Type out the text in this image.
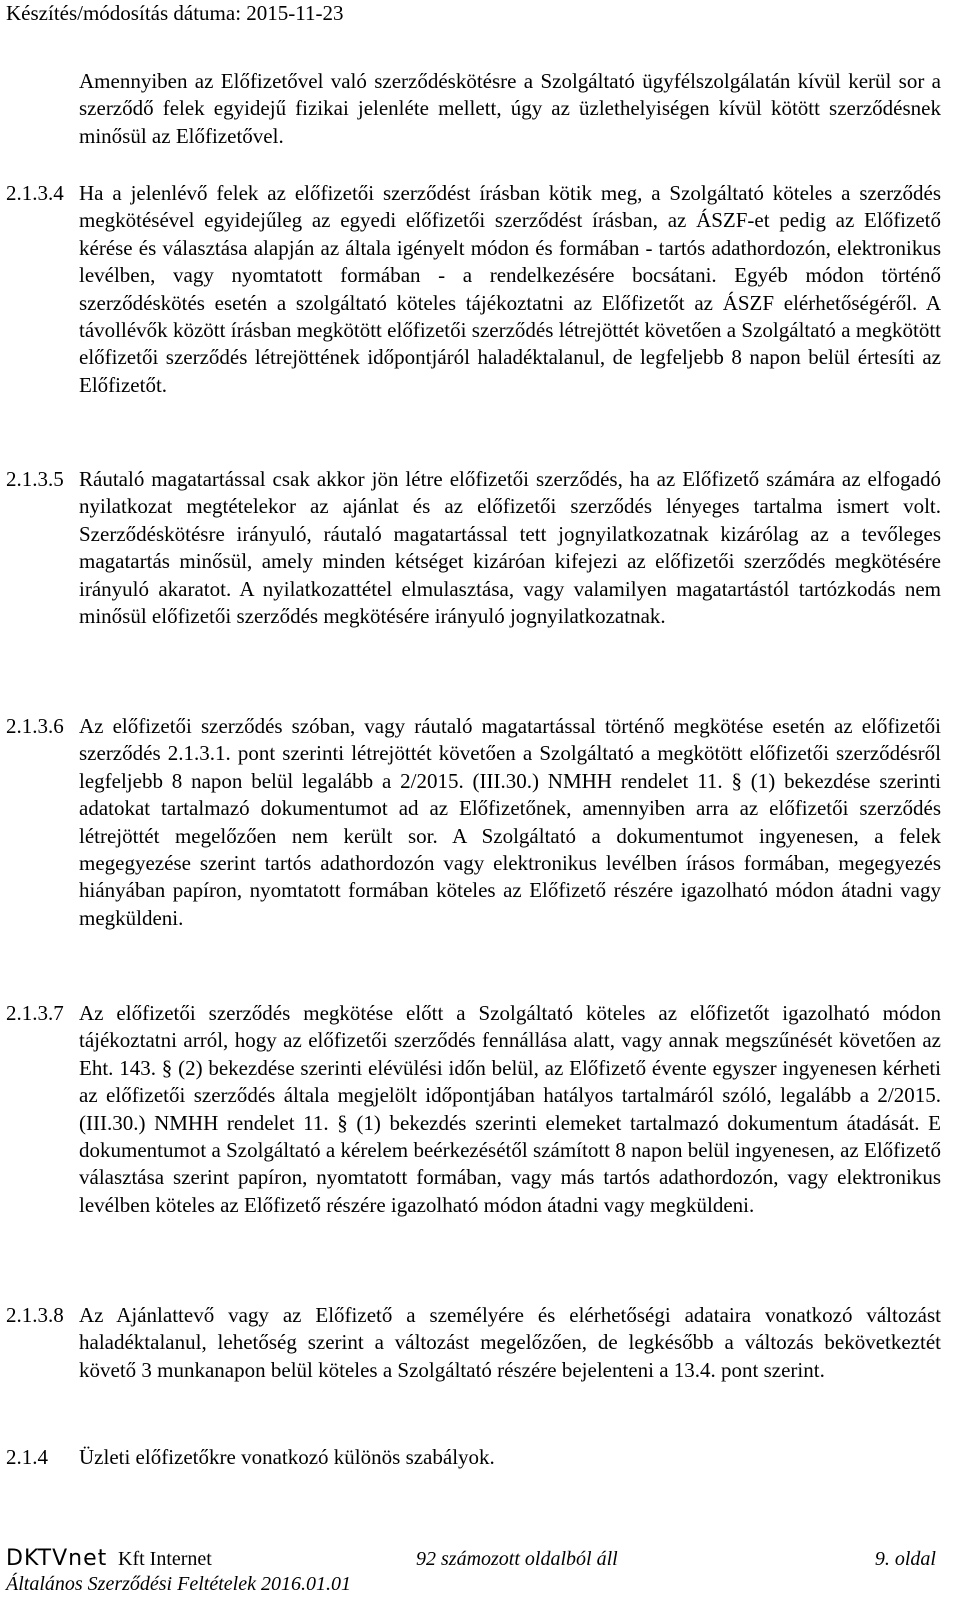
Készítés/módosítás dátuma: 2015-11-23
Amennyiben az Előfizetővel való szerződéskötésre a Szolgáltató ügyfélszolgálatán kívül kerül sor a szerződő felek egyidejű fizikai jelenléte mellett, úgy az üzlethelyiségen kívül kötött szerződésnek minősül az Előfizetővel.
2.1.3.4 Ha a jelenlévő felek az előfizetői szerződést írásban kötik meg, a Szolgáltató köteles a szerződés megkötésével egyidejűleg az egyedi előfizetői szerződést írásban, az ÁSZF-et pedig az Előfizető kérése és választása alapján az általa igényelt módon és formában - tartós adathordozón, elektronikus levélben, vagy nyomtatott formában - a rendelkezésére bocsátani. Egyéb módon történő szerződéskötés esetén a szolgáltató köteles tájékoztatni az Előfizetőt az ÁSZF elérhetőségéről. A távollévők között írásban megkötött előfizetői szerződés létrejöttét követően a Szolgáltató a megkötött előfizetői szerződés létrejöttének időpontjáról haladéktalanul, de legfeljebb 8 napon belül értesíti az Előfizetőt.
2.1.3.5 Ráutaló magatartással csak akkor jön létre előfizetői szerződés, ha az Előfizető számára az elfogadó nyilatkozat megtételekor az ajánlat és az előfizetői szerződés lényeges tartalma ismert volt. Szerződéskötésre irányuló, ráutaló magatartással tett jognyilatkozatnak kizárólag az a tevőleges magatartás minősül, amely minden kétséget kizáróan kifejezi az előfizetői szerződés megkötésére irányuló akaratot. A nyilatkozattétel elmulasztása, vagy valamilyen magatartástól tartózkodás nem minősül előfizetői szerződés megkötésére irányuló jognyilatkozatnak.
2.1.3.6 Az előfizetői szerződés szóban, vagy ráutaló magatartással történő megkötése esetén az előfizetői szerződés 2.1.3.1. pont szerinti létrejöttét követően a Szolgáltató a megkötött előfizetői szerződésről legfeljebb 8 napon belül legalább a 2/2015. (III.30.) NMHH rendelet 11. § (1) bekezdése szerinti adatokat tartalmazó dokumentumot ad az Előfizetőnek, amennyiben arra az előfizetői szerződés létrejöttét megelőzően nem került sor. A Szolgáltató a dokumentumot ingyenesen, a felek megegyezése szerint tartós adathordozón vagy elektronikus levélben írásos formában, megegyezés hiányában papíron, nyomtatott formában köteles az Előfizető részére igazolható módon átadni vagy megküldeni.
2.1.3.7 Az előfizetői szerződés megkötése előtt a Szolgáltató köteles az előfizetőt igazolható módon tájékoztatni arról, hogy az előfizetői szerződés fennállása alatt, vagy annak megszűnését követően az Eht. 143. § (2) bekezdése szerinti elévülési időn belül, az Előfizető évente egyszer ingyenesen kérheti az előfizetői szerződés általa megjelölt időpontjában hatályos tartalmáról szóló, legalább a 2/2015. (III.30.) NMHH rendelet 11. § (1) bekezdés szerinti elemeket tartalmazó dokumentum átadását. E dokumentumot a Szolgáltató a kérelem beérkezésétől számított 8 napon belül ingyenesen, az Előfizető választása szerint papíron, nyomtatott formában, vagy más tartós adathordozón, vagy elektronikus levélben köteles az Előfizető részére igazolható módon átadni vagy megküldeni.
2.1.3.8 Az Ajánlattevő vagy az Előfizető a személyére és elérhetőségi adataira vonatkozó változást haladéktalanul, lehetőség szerint a változást megelőzően, de legkésőbb a változás bekövetkeztét követő 3 munkanapon belül köteles a Szolgáltató részére bejelenteni a 13.4. pont szerint.
2.1.4 Üzleti előfizetőkre vonatkozó különös szabályok.
DKTVnet Kft Internet	92 számozott oldalból áll	9. oldal
Általános Szerződési Feltételek 2016.01.01
